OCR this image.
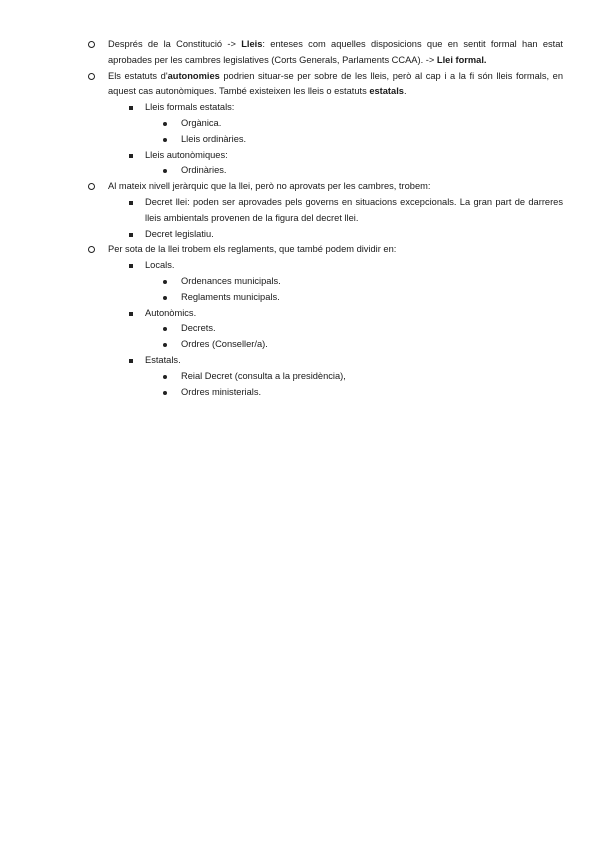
Després de la Constitució -> Lleis: enteses com aquelles disposicions que en sentit formal han estat aprobades per les cambres legislatives (Corts Generals, Parlaments CCAA). -> Llei formal.
Els estatuts d'autonomies podrien situar-se per sobre de les lleis, però al cap i a la fi són lleis formals, en aquest cas autonòmiques. També existeixen les lleis o estatuts estatals.
Lleis formals estatals:
Orgànica.
Lleis ordinàries.
Lleis autonòmiques:
Ordinàries.
Al mateix nivell jeràrquic que la llei, però no aprovats per les cambres, trobem:
Decret llei: poden ser aprovades pels governs en situacions excepcionals. La gran part de darreres lleis ambientals provenen de la figura del decret llei.
Decret legislatiu.
Per sota de la llei trobem els reglaments, que també podem dividir en:
Locals.
Ordenances municipals.
Reglaments municipals.
Autonòmics.
Decrets.
Ordres (Conseller/a).
Estatals.
Reial Decret (consulta a la presidència),
Ordres ministerials.
